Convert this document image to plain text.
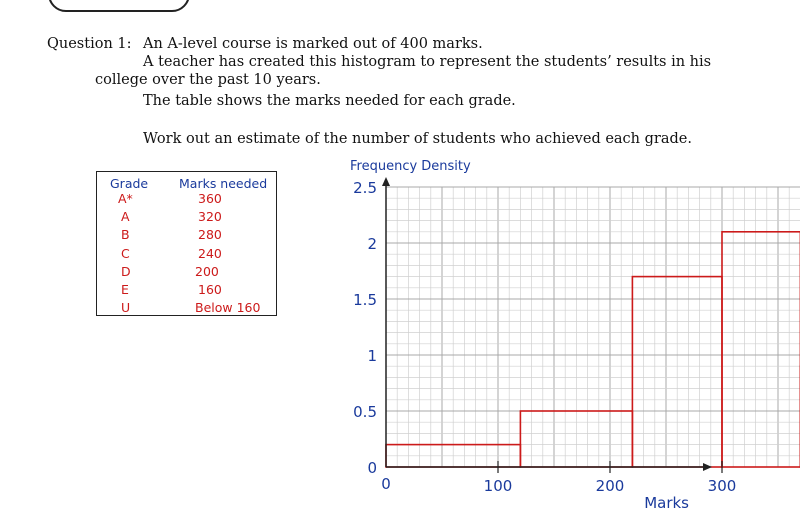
Question 1: An A-level course is marked out of 400 marks.
A teacher has created this histogram to represent the students’ results in his
college over the past 10 years.
The table shows the marks needed for each grade.
Work out an estimate of the number of students who achieved each grade.
Grade Marks needed
A*	360
A	320
B	280
C	240
D	200
E	160
U	Below 160
0	100	200	300
0
0.5
1
1.5
2
2.5
Frequency Density
Marks
